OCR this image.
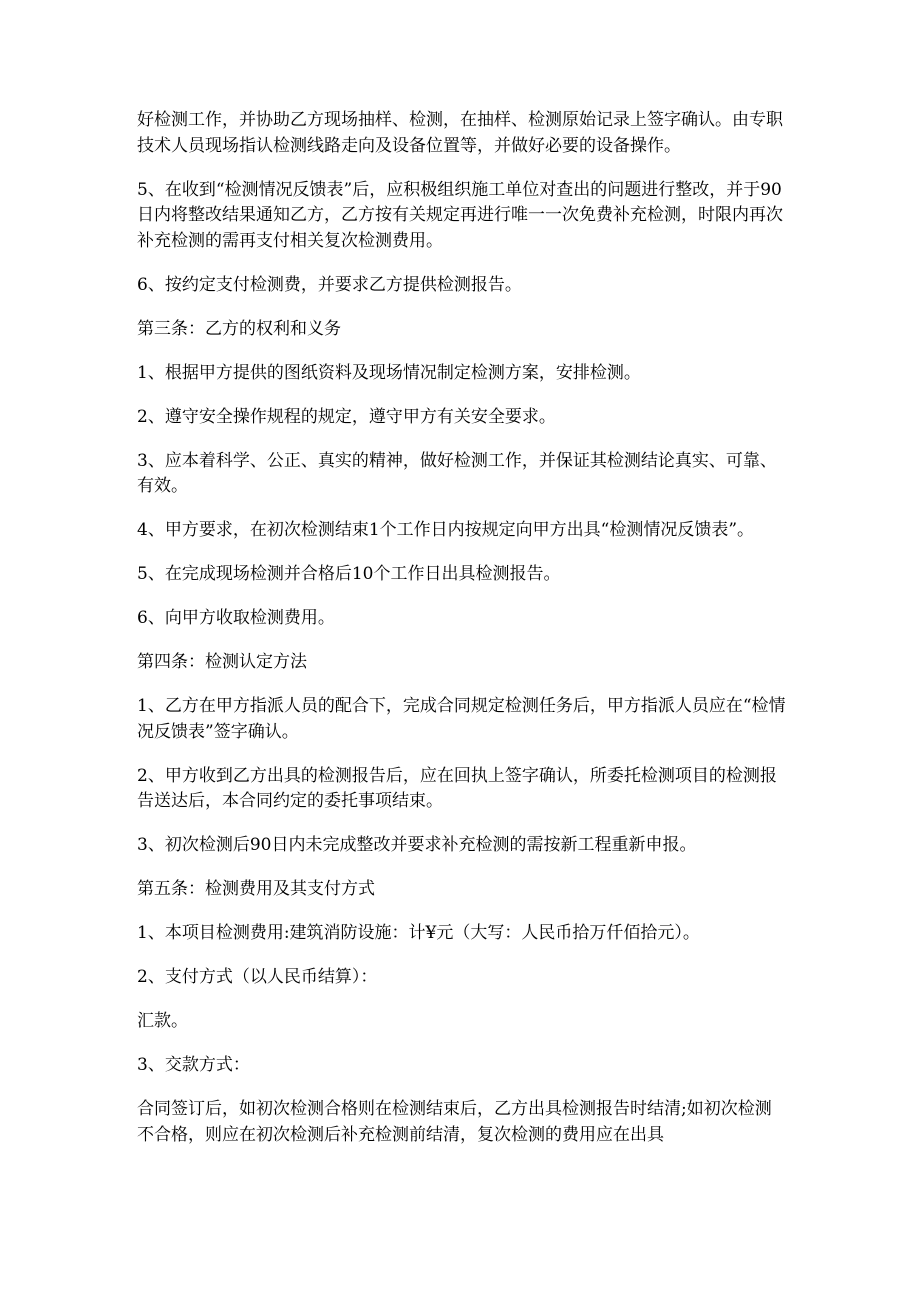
好检测工作，并协助乙方现场抽样、检测，在抽样、检测原始记录上签字确认。由专职技术人员现场指认检测线路走向及设备位置等，并做好必要的设备操作。

5、在收到“检测情况反馈表”后，应积极组织施工单位对查出的问题进行整改，并于90日内将整改结果通知乙方，乙方按有关规定再进行唯一一次免费补充检测，时限内再次补充检测的需再支付相关复次检测费用。

6、按约定支付检测费，并要求乙方提供检测报告。

第三条：乙方的权利和义务

1、根据甲方提供的图纸资料及现场情况制定检测方案，安排检测。

2、遵守安全操作规程的规定，遵守甲方有关安全要求。

3、应本着科学、公正、真实的精神，做好检测工作，并保证其检测结论真实、可靠、有效。

4、甲方要求，在初次检测结束1个工作日内按规定向甲方出具“检测情况反馈表”。

5、在完成现场检测并合格后10个工作日出具检测报告。

6、向甲方收取检测费用。

第四条：检测认定方法

1、乙方在甲方指派人员的配合下，完成合同规定检测任务后，甲方指派人员应在“检情况反馈表”签字确认。

2、甲方收到乙方出具的检测报告后，应在回执上签字确认，所委托检测项目的检测报告送达后，本合同约定的委托事项结束。

3、初次检测后90日内未完成整改并要求补充检测的需按新工程重新申报。

第五条：检测费用及其支付方式

1、本项目检测费用:建筑消防设施：计¥元（大写：人民币拾万仟佰拾元）。

2、支付方式（以人民币结算）：

汇款。

3、交款方式：

合同签订后，如初次检测合格则在检测结束后，乙方出具检测报告时结清;如初次检测不合格，则应在初次检测后补充检测前结清，复次检测的费用应在出具
